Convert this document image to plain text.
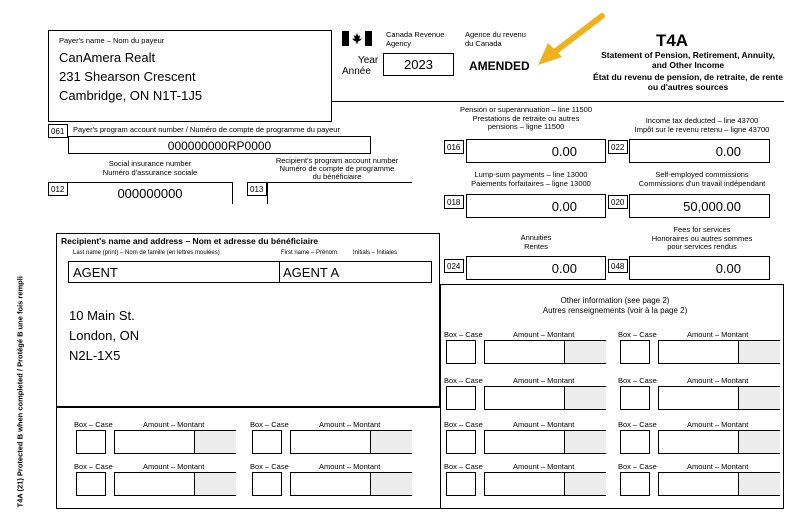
Payer's name – Nom du payeur
CanAmera Realt
231 Shearson Crescent
Cambridge, ON N1T-1J5
Canada Revenue
Agency
Agence du revenu
du Canada
Year
Année	2023	AMENDED
T4A
Statement of Pension, Retirement, Annuity,
and Other Income
État du revenu de pension, de retraite, de rente
ou d'autres sources
061 Payer's program account number / Numéro de compte de programme du payeur
000000000RP0000
Social insurance number
Numéro d'assurance sociale
012	000000000
Recipient's program account number
Numéro de compte de programme
du bénéficiaire
013
Pension or superannuation – line 11500
Prestations de retraite ou autres
pensions – ligne 11500
016	0.00
Income tax deducted – line 43700
Impôt sur le revenu retenu – ligne 43700
022	0.00
Lump-sum payments – line 13000
Paiements forfaitaires – ligne 13000
018	0.00
Self-employed commissions
Commissions d'un travail indépendant
020	50,000.00
Annuities
Rentes
024	0.00
Fees for services
Honoraires ou autres sommes
pour services rendus
048	0.00
Recipient's name and address – Nom et adresse du bénéficiaire
Last name (print) – Nom de famille (en lettres moulées)	First name – Prénom	Initials – Initiales
AGENT	AGENT A
10 Main St.
London, ON
N2L-1X5
Other information (see page 2)
Autres renseignements (voir à la page 2)
Box – Case	Amount – Montant	Box – Case	Amount – Montant
Box – Case	Amount – Montant	Box – Case	Amount – Montant
Box – Case	Amount – Montant	Box – Case	Amount – Montant
Box – Case	Amount – Montant	Box – Case	Amount – Montant
Box – Case	Amount – Montant	Box – Case	Amount – Montant
Box – Case	Amount – Montant	Box – Case	Amount – Montant
T4A (21) Protected B when completed / Protégé B une fois rempli
